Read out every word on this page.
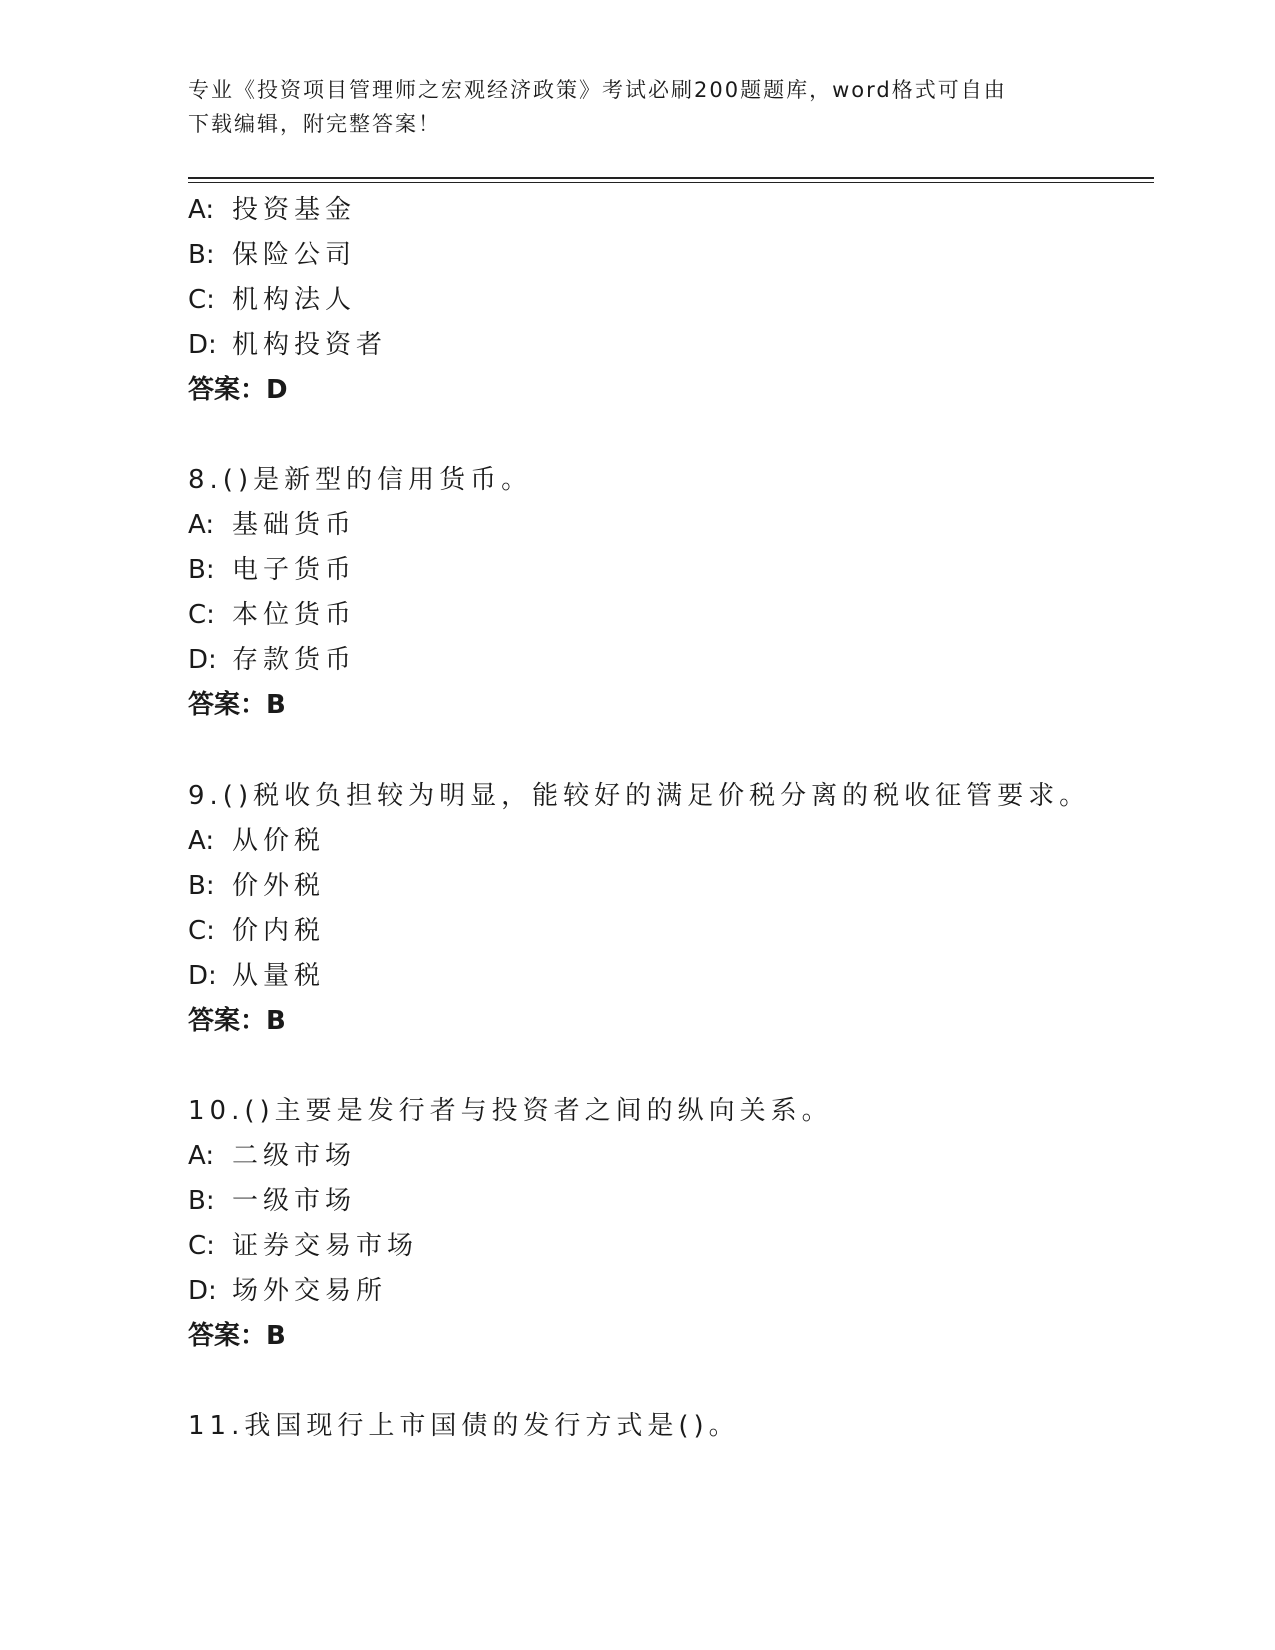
专业《投资项目管理师之宏观经济政策》考试必刷200题题库，word格式可自由
下载编辑，附完整答案！
A: 投资基金
B: 保险公司
C: 机构法人
D: 机构投资者
答案：D
8.()是新型的信用货币。
A: 基础货币
B: 电子货币
C: 本位货币
D: 存款货币
答案：B
9.()税收负担较为明显，能较好的满足价税分离的税收征管要求。
A: 从价税
B: 价外税
C: 价内税
D: 从量税
答案：B
10.()主要是发行者与投资者之间的纵向关系。
A: 二级市场
B: 一级市场
C: 证券交易市场
D: 场外交易所
答案：B
11.我国现行上市国债的发行方式是()。
